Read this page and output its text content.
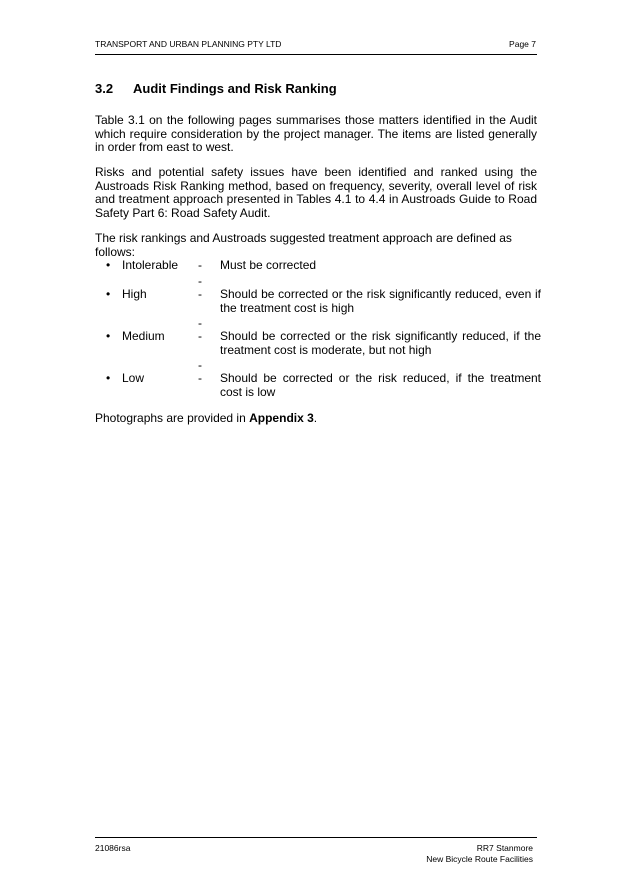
TRANSPORT AND URBAN PLANNING PTY LTD	Page 7
3.2 Audit Findings and Risk Ranking
Table 3.1 on the following pages summarises those matters identified in the Audit which require consideration by the project manager. The items are listed generally in order from east to west.
Risks and potential safety issues have been identified and ranked using the Austroads Risk Ranking method, based on frequency, severity, overall level of risk and treatment approach presented in Tables 4.1 to 4.4 in Austroads Guide to Road Safety Part 6: Road Safety Audit.
The risk rankings and Austroads suggested treatment approach are defined as follows:
• Intolerable - Must be corrected
-
• High	- Should be corrected or the risk significantly reduced, even if the treatment cost is high
-
• Medium	- Should be corrected or the risk significantly reduced, if the treatment cost is moderate, but not high
-
• Low	- Should be corrected or the risk reduced, if the treatment cost is low
Photographs are provided in Appendix 3.
21086rsa	RR7 Stanmore
New Bicycle Route Facilities
